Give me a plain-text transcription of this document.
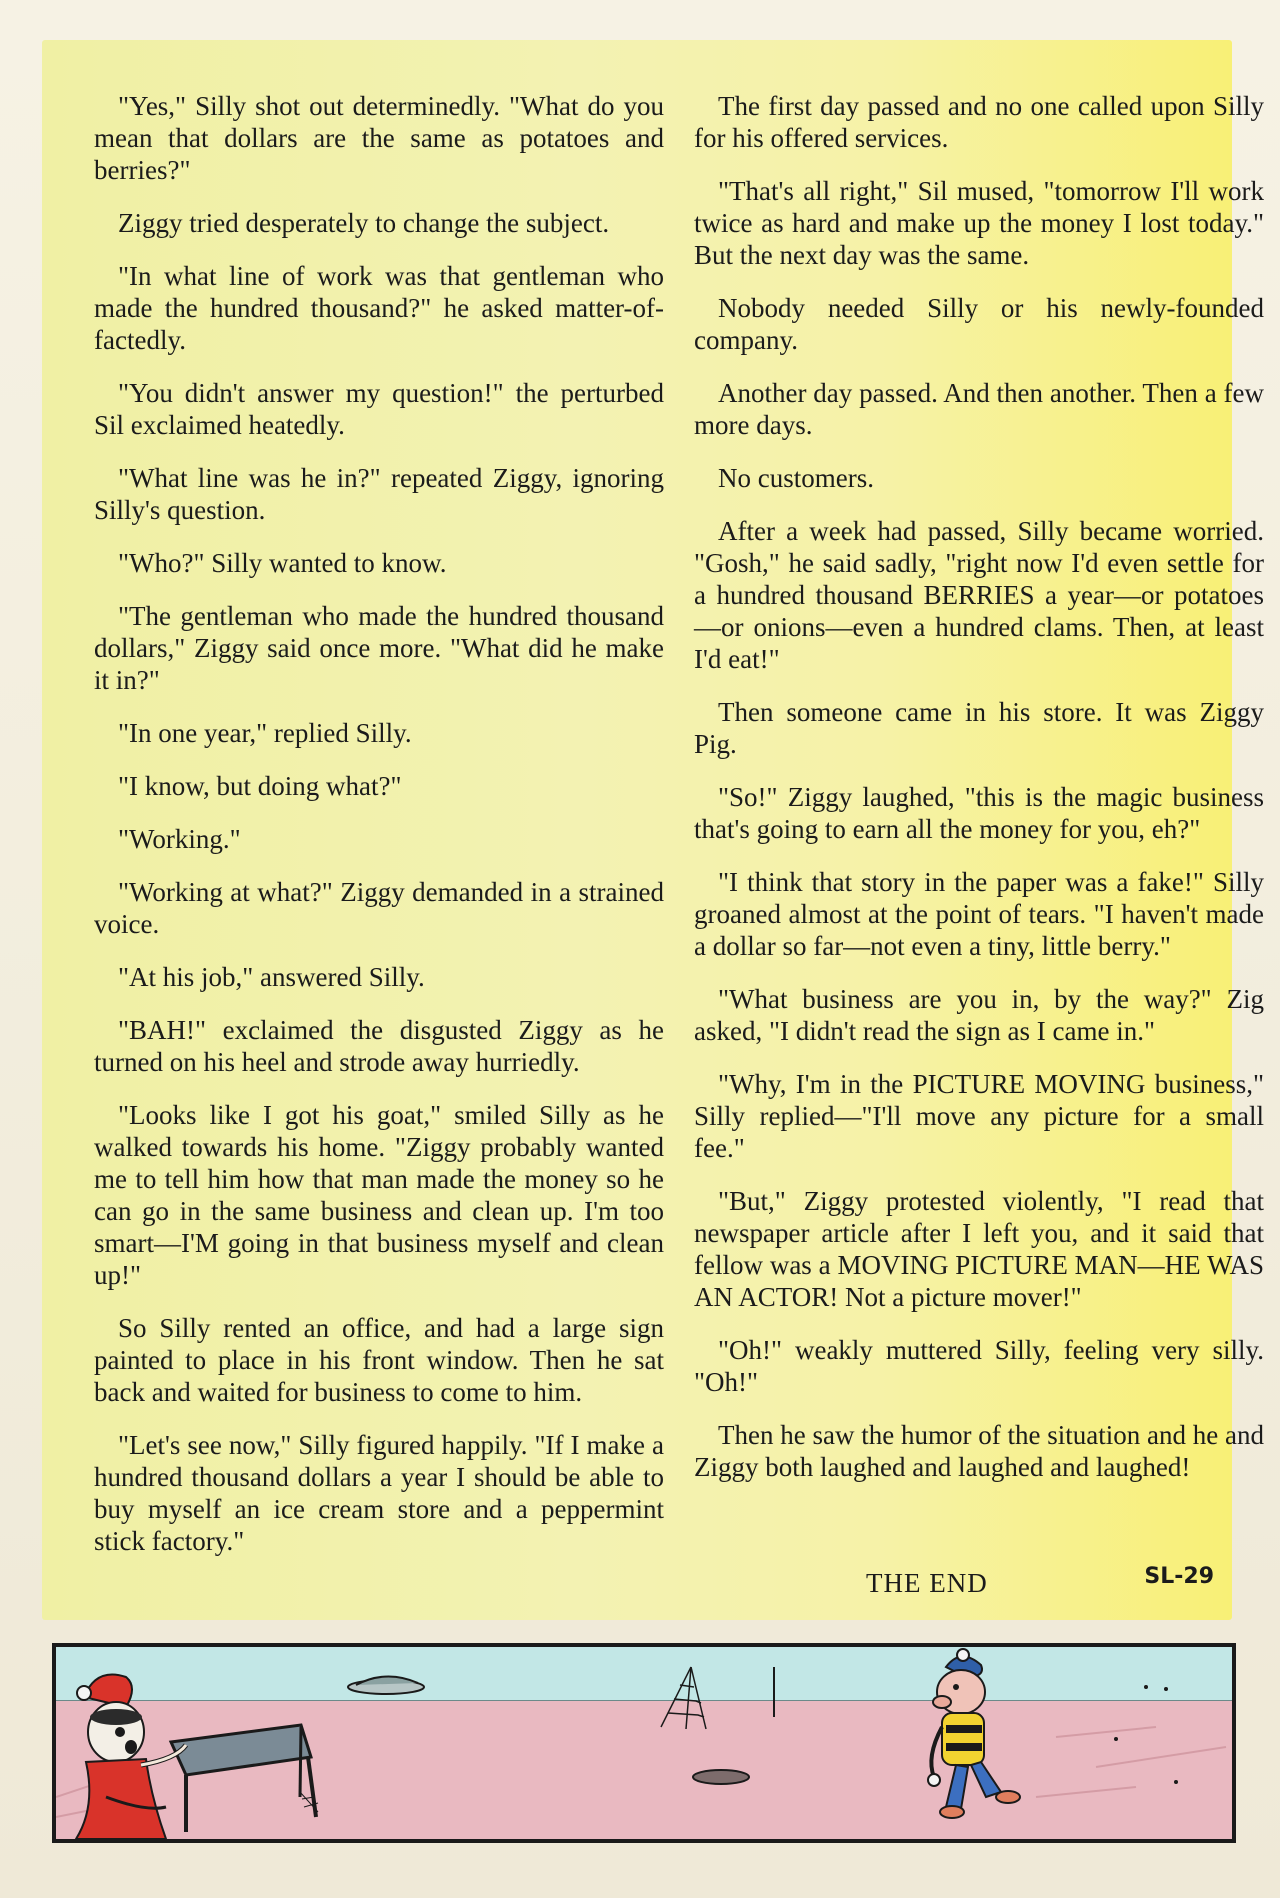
"Yes," Silly shot out determinedly. "What do you mean that dollars are the same as potatoes and berries?"

Ziggy tried desperately to change the subject.

"In what line of work was that gentleman who made the hundred thousand?" he asked matter-of-factedly.

"You didn't answer my question!" the perturbed Sil exclaimed heatedly.

"What line was he in?" repeated Ziggy, ignoring Silly's question.

"Who?" Silly wanted to know.

"The gentleman who made the hundred thousand dollars," Ziggy said once more. "What did he make it in?"

"In one year," replied Silly.

"I know, but doing what?"

"Working."

"Working at what?" Ziggy demanded in a strained voice.

"At his job," answered Silly.

"BAH!" exclaimed the disgusted Ziggy as he turned on his heel and strode away hurriedly.

"Looks like I got his goat," smiled Silly as he walked towards his home. "Ziggy probably wanted me to tell him how that man made the money so he can go in the same business and clean up. I'm too smart—I'M going in that business myself and clean up!"

So Silly rented an office, and had a large sign painted to place in his front window. Then he sat back and waited for business to come to him.

"Let's see now," Silly figured happily. "If I make a hundred thousand dollars a year I should be able to buy myself an ice cream store and a peppermint stick factory."

The first day passed and no one called upon Silly for his offered services.

"That's all right," Sil mused, "tomorrow I'll work twice as hard and make up the money I lost today." But the next day was the same.

Nobody needed Silly or his newly-founded company.

Another day passed. And then another. Then a few more days.

No customers.

After a week had passed, Silly became worried. "Gosh," he said sadly, "right now I'd even settle for a hundred thousand BERRIES a year—or potatoes—or onions—even a hundred clams. Then, at least I'd eat!"

Then someone came in his store. It was Ziggy Pig.

"So!" Ziggy laughed, "this is the magic business that's going to earn all the money for you, eh?"

"I think that story in the paper was a fake!" Silly groaned almost at the point of tears. "I haven't made a dollar so far—not even a tiny, little berry."

"What business are you in, by the way?" Zig asked, "I didn't read the sign as I came in."

"Why, I'm in the PICTURE MOVING business," Silly replied—"I'll move any picture for a small fee."

"But," Ziggy protested violently, "I read that newspaper article after I left you, and it said that fellow was a MOVING PICTURE MAN—HE WAS AN ACTOR! Not a picture mover!"

"Oh!" weakly muttered Silly, feeling very silly. "Oh!"

Then he saw the humor of the situation and he and Ziggy both laughed and laughed and laughed!

THE END	SL-29
